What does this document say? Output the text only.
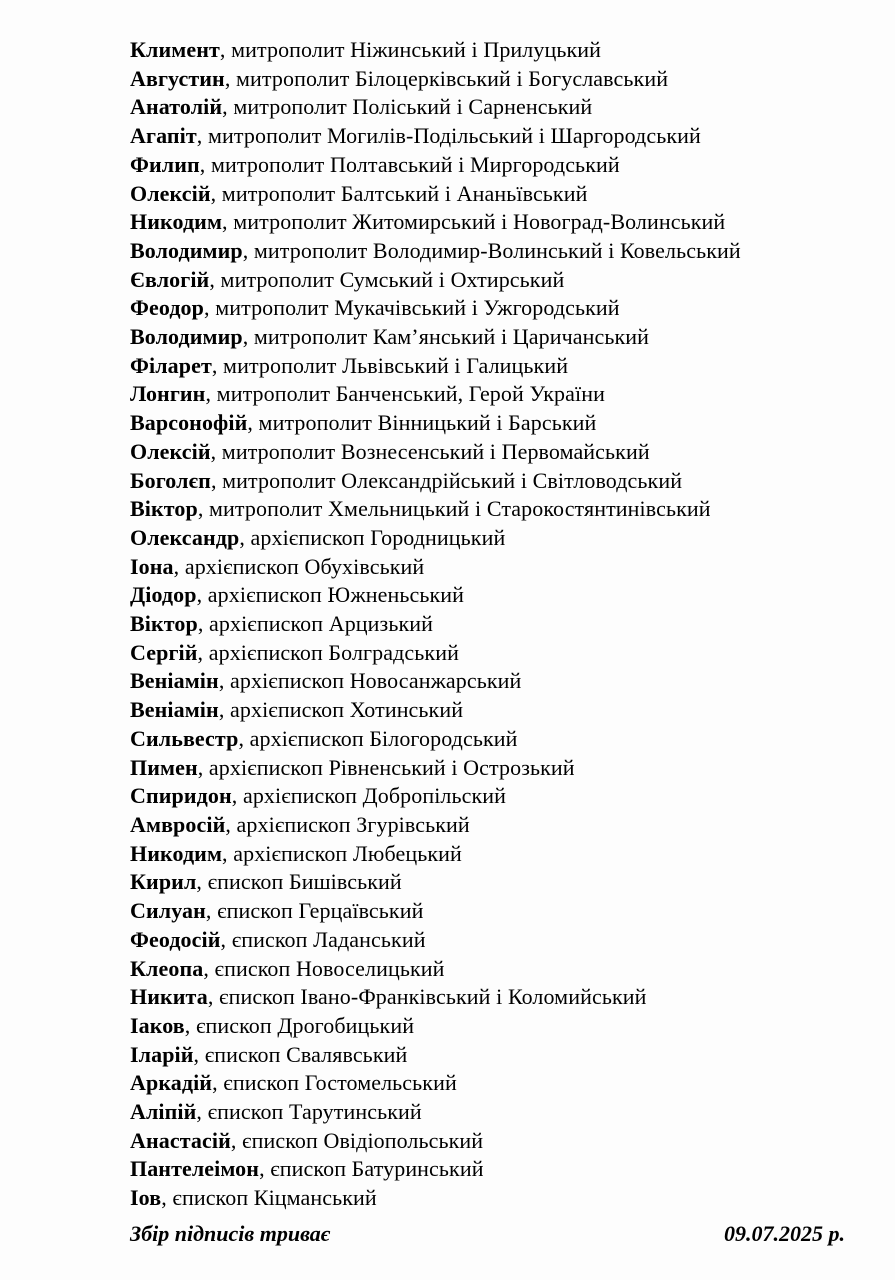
Климент, митрополит Ніжинський і Прилуцький
Августин, митрополит Білоцерківський і Богуславський
Анатолій, митрополит Поліський і Сарненський
Агапіт, митрополит Могилів-Подільський і Шаргородський
Филип, митрополит Полтавський і Миргородський
Олексій, митрополит Балтський і Ананьївський
Никодим, митрополит Житомирський і Новоград-Волинський
Володимир, митрополит Володимир-Волинський і Ковельський
Євлогій, митрополит Сумський і Охтирський
Феодор, митрополит Мукачівський і Ужгородський
Володимир, митрополит Кам’янський і Царичанський
Філарет, митрополит Львівський і Галицький
Лонгин, митрополит Банченський, Герой України
Варсонофій, митрополит Вінницький і Барський
Олексій, митрополит Вознесенський і Первомайський
Боголєп, митрополит Олександрійський і Світловодський
Віктор, митрополит Хмельницький і Старокостянтинівський
Олександр, архієпископ Городницький
Іона, архієпископ Обухівський
Діодор, архієпископ Южненьський
Віктор, архієпископ Арцизький
Сергій, архієпископ Болградський
Веніамін, архієпископ Новосанжарський
Веніамін, архієпископ Хотинський
Сильвестр, архієпископ Білогородський
Пимен, архієпископ Рівненський і Острозький
Спиридон, архієпископ Добропільский
Амвросій, архієпископ Згурівський
Никодим, архієпископ Любецький
Кирил, єпископ Бишівський
Силуан, єпископ Герцаївський
Феодосій, єпископ Ладанський
Клеопа, єпископ Новоселицький
Никита, єпископ Івано-Франківський і Коломийський
Іаков, єпископ Дрогобицький
Іларій, єпископ Свалявський
Аркадій, єпископ Гостомельський
Аліпій, єпископ Тарутинський
Анастасій, єпископ Овідіопольський
Пантелеімон, єпископ Батуринський
Іов, єпископ Кіцманський
Збір підписів триває	09.07.2025 р.
